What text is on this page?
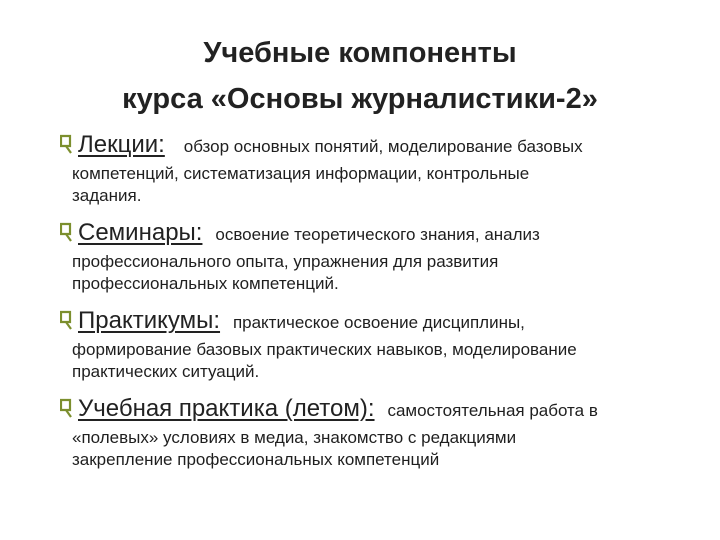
Учебные компоненты
курса «Основы журналистики-2»
Лекции: обзор основных понятий, моделирование базовых
компетенций, систематизация информации, контрольные
задания.
Семинары: освоение теоретического знания, анализ
профессионального опыта, упражнения для развития
профессиональных компетенций.
Практикумы: практическое освоение дисциплины,
формирование базовых практических навыков, моделирование
практических ситуаций.
Учебная практика (летом): самостоятельная работа в
«полевых» условиях в медиа, знакомство с редакциями
закрепление профессиональных компетенций
